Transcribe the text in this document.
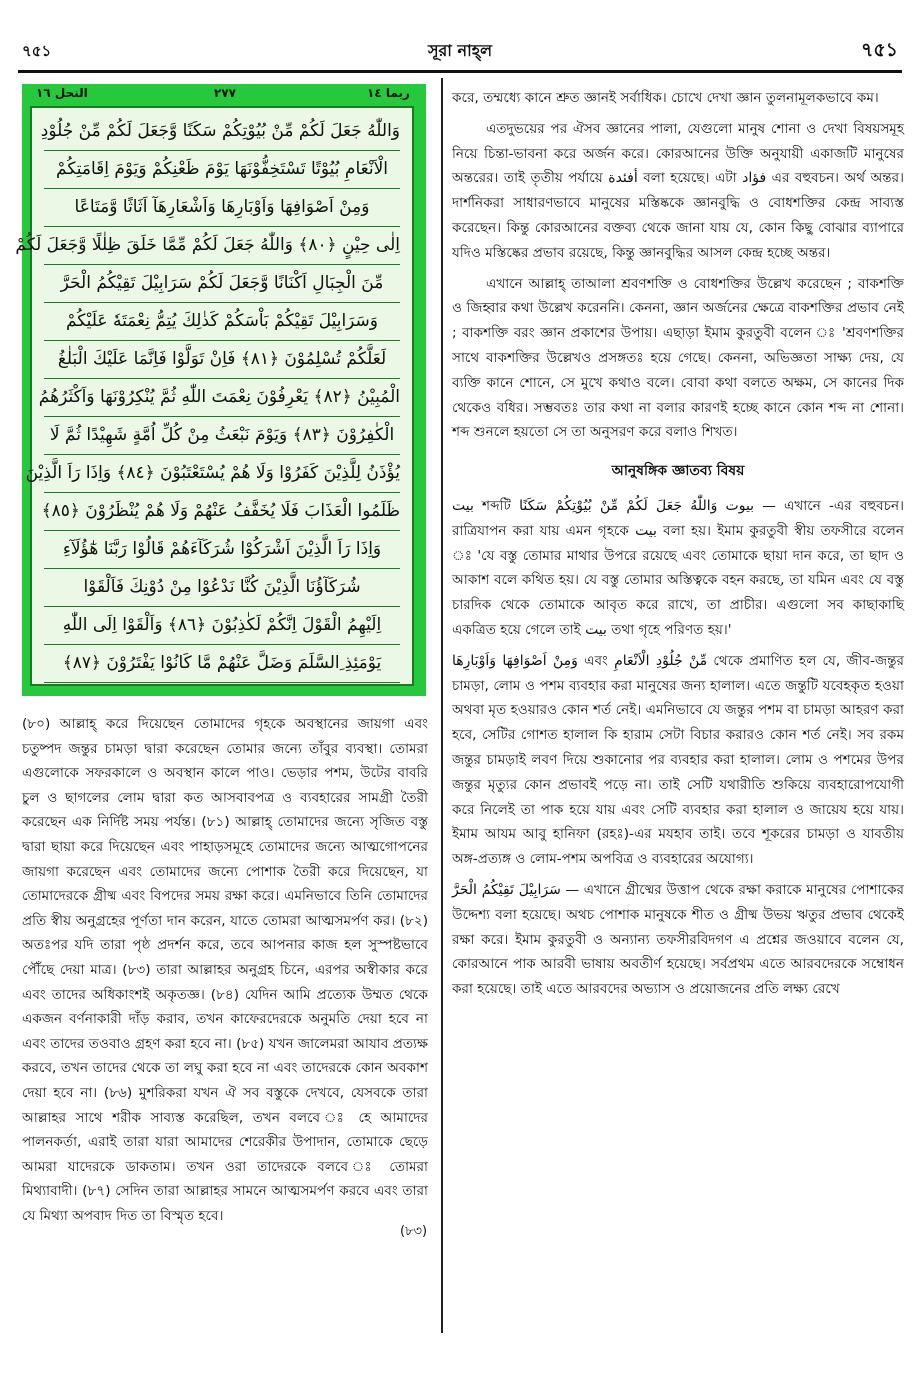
৭৫১	সূরা নাহ্‌ল	৭৫১
النحل ١٦	٢٧٧	ربما ١٤
وَاللّٰهُ جَعَلَ لَكُمْ مِّنْ بُيُوْتِكُمْ سَكَنًا وَّجَعَلَ لَكُمْ مِّنْ جُلُوْدِ
الْاَنْعَامِ بُيُوْتًا تَسْتَخِفُّوْنَهَا يَوْمَ ظَعْنِكُمْ وَيَوْمَ اِقَامَتِكُمْ
وَمِنْ اَصْوَافِهَا وَاَوْبَارِهَا وَاَشْعَارِهَآ اَثَاثًا وَّمَتَاعًا
اِلٰى حِيْنٍ ﴿٨٠﴾ وَاللّٰهُ جَعَلَ لَكُمْ مِّمَّا خَلَقَ ظِلٰلًا وَّجَعَلَ لَكُمْ
مِّنَ الْجِبَالِ اَكْنَانًا وَّجَعَلَ لَكُمْ سَرَابِيْلَ تَقِيْكُمُ الْحَرَّ
وَسَرَابِيْلَ تَقِيْكُمْ بَاْسَكُمْ كَذٰلِكَ يُتِمُّ نِعْمَتَهٗ عَلَيْكُمْ
لَعَلَّكُمْ تُسْلِمُوْنَ ﴿٨١﴾ فَاِنْ تَوَلَّوْا فَاِنَّمَا عَلَيْكَ الْبَلٰغُ
الْمُبِيْنُ ﴿٨٢﴾ يَعْرِفُوْنَ نِعْمَتَ اللّٰهِ ثُمَّ يُنْكِرُوْنَهَا وَاَكْثَرُهُمُ
الْكٰفِرُوْنَ ﴿٨٣﴾ وَيَوْمَ نَبْعَثُ مِنْ كُلِّ اُمَّةٍ شَهِيْدًا ثُمَّ لَا
يُؤْذَنُ لِلَّذِيْنَ كَفَرُوْا وَلَا هُمْ يُسْتَعْتَبُوْنَ ﴿٨٤﴾ وَاِذَا رَاَ الَّذِيْنَ
ظَلَمُوا الْعَذَابَ فَلَا يُخَفَّفُ عَنْهُمْ وَلَا هُمْ يُنْظَرُوْنَ ﴿٨٥﴾
وَاِذَا رَاَ الَّذِيْنَ اَشْرَكُوْا شُرَكَآءَهُمْ قَالُوْا رَبَّنَا هٰٓؤُلَآءِ
شُرَكَآؤُنَا الَّذِيْنَ كُنَّا نَدْعُوْا مِنْ دُوْنِكَ فَاَلْقَوْا
اِلَيْهِمُ الْقَوْلَ اِنَّكُمْ لَكٰذِبُوْنَ ﴿٨٦﴾ وَاَلْقَوْا اِلَى اللّٰهِ
يَوْمَئِذِ ِالسَّلَمَ وَضَلَّ عَنْهُمْ مَّا كَانُوْا يَفْتَرُوْنَ ﴿٨٧﴾
(৮০) আল্লাহ্‌ করে দিয়েছেন তোমাদের গৃহকে অবস্থানের জায়গা এবং চতুষ্পদ জন্তুর চামড়া দ্বারা করেছেন তোমার জন্যে তাঁবুর ব্যবস্থা। তোমরা এগুলোকে সফরকালে ও অবস্থান কালে পাও। ভেড়ার পশম, উটের বাবরি চুল ও ছাগলের লোম দ্বারা কত আসবাবপত্র ও ব্যবহারের সামগ্রী তৈরী করেছেন এক নির্দিষ্ট সময় পর্যন্ত। (৮১) আল্লাহ্‌ তোমাদের জন্যে সৃজিত বস্তু দ্বারা ছায়া করে দিয়েছেন এবং পাহাড়সমূহে তোমাদের জন্যে আত্মগোপনের জায়গা করেছেন এবং তোমাদের জন্যে পোশাক তৈরী করে দিয়েছেন, যা তোমাদেরকে গ্রীষ্ম এবং বিপদের সময় রক্ষা করে। এমনিভাবে তিনি তোমাদের প্রতি স্বীয় অনুগ্রহের পূর্ণতা দান করেন, যাতে তোমরা আত্মসমর্পণ কর। (৮২) অতঃপর যদি তারা পৃষ্ঠ প্রদর্শন করে, তবে আপনার কাজ হল সুস্পষ্টভাবে পৌঁছে দেয়া মাত্র। (৮৩) তারা আল্লাহর অনুগ্রহ চিনে, এরপর অস্বীকার করে এবং তাদের অধিকাংশই অকৃতজ্ঞ। (৮৪) যেদিন আমি প্রত্যেক উম্মত থেকে একজন বর্ণনাকারী দাঁড় করাব, তখন কাফেরদেরকে অনুমতি দেয়া হবে না এবং তাদের তওবাও গ্রহণ করা হবে না। (৮৫) যখন জালেমরা আযাব প্রত্যক্ষ করবে, তখন তাদের থেকে তা লঘু করা হবে না এবং তাদেরকে কোন অবকাশ দেয়া হবে না। (৮৬) মুশরিকরা যখন ঐ সব বস্তুকে দেখবে, যেসবকে তারা আল্লাহর সাথে শরীক সাব্যস্ত করেছিল, তখন বলবে ঃ হে আমাদের পালনকর্তা, এরাই তারা যারা আমাদের শেরেকীর উপাদান, তোমাকে ছেড়ে আমরা যাদেরকে ডাকতাম। তখন ওরা তাদেরকে বলবে ঃ তোমরা মিথ্যাবাদী। (৮৭) সেদিন তারা আল্লাহর সামনে আত্মসমর্পণ করবে এবং তারা যে মিথ্যা অপবাদ দিত তা বিস্মৃত হবে।
(৮৩)

করে, তম্মধ্যে কানে শ্রুত জ্ঞানই সর্বাধিক। চোখে দেখা জ্ঞান তুলনামূলকভাবে কম।

এতদুভয়ের পর ঐসব জ্ঞানের পালা, যেগুলো মানুষ শোনা ও দেখা বিষয়সমূহ নিয়ে চিন্তা-ভাবনা করে অর্জন করে। কোরআনের উক্তি অনুযায়ী একাজটি মানুষের অন্তরের। তাই তৃতীয় পর্যায়ে أفئدة বলা হয়েছে। এটা فؤاد এর বহুবচন। অর্থ অন্তর। দার্শনিকরা সাধারণভাবে মানুষের মস্তিষ্ককে জ্ঞানবুদ্ধি ও বোধশক্তির কেন্দ্র সাব্যস্ত করেছেন। কিন্তু কোরআনের বক্তব্য থেকে জানা যায় যে, কোন কিছু বোঝার ব্যাপারে যদিও মস্তিষ্কের প্রভাব রয়েছে, কিন্তু জ্ঞানবুদ্ধির আসল কেন্দ্র হচ্ছে অন্তর।

এখানে আল্লাহ্‌ তাআলা শ্রবণশক্তি ও বোধশক্তির উল্লেখ করেছেন ; বাকশক্তি ও জিহ্বার কথা উল্লেখ করেননি। কেননা, জ্ঞান অর্জনের ক্ষেত্রে বাকশক্তির প্রভাব নেই ; বাকশক্তি বরং জ্ঞান প্রকাশের উপায়। এছাড়া ইমাম কুরতুবী বলেন ঃ 'শ্রবণশক্তির সাথে বাকশক্তির উল্লেখও প্রসঙ্গতঃ হয়ে গেছে। কেননা, অভিজ্ঞতা সাক্ষ্য দেয়, যে ব্যক্তি কানে শোনে, সে মুখে কথাও বলে। বোবা কথা বলতে অক্ষম, সে কানের দিক থেকেও বধির। সম্ভবতঃ তার কথা না বলার কারণই হচ্ছে কানে কোন শব্দ না শোনা। শব্দ শুনলে হয়তো সে তা অনুসরণ করে বলাও শিখত।

আনুষঙ্গিক জ্ঞাতব্য বিষয়

بيت শব্দটি	بيوت وَاللّٰهُ جَعَلَ لَكُمْ مِّنْ بُيُوْتِكُمْ سَكَنًا	— এখানে -এর বহুবচন। রাত্রিযাপন করা যায় এমন গৃহকে بيت বলা হয়। ইমাম কুরতুবী স্বীয় তফসীরে বলেন ঃ 'যে বস্তু তোমার মাথার উপরে রয়েছে এবং তোমাকে ছায়া দান করে, তা ছাদ ও আকাশ বলে কথিত হয়। যে বস্তু তোমার অস্তিত্বকে বহন করছে, তা যমিন এবং যে বস্তু চারদিক থেকে তোমাকে আবৃত করে রাখে, তা প্রাচীর। এগুলো সব কাছাকাছি একত্রিত হয়ে গেলে তাই بيت তথা গৃহে পরিণত হয়।'

وَمِنْ اَصْوَافِهَا وَاَوْبَارِهَا এবং مِّنْ جُلُوْدِ الْاَنْعَامِ থেকে প্রমাণিত হল যে, জীব-জন্তুর চামড়া, লোম ও পশম ব্যবহার করা মানুষের জন্য হালাল। এতে জন্তুটি যবেহকৃত হওয়া অথবা মৃত হওয়ারও কোন শর্ত নেই। এমনিভাবে যে জন্তুর পশম বা চামড়া আহরণ করা হবে, সেটির গোশত হালাল কি হারাম সেটা বিচার করারও কোন শর্ত নেই। সব রকম জন্তুর চামড়াই লবণ দিয়ে শুকানোর পর ব্যবহার করা হালাল। লোম ও পশমের উপর জন্তুর মৃত্যুর কোন প্রভাবই পড়ে না। তাই সেটি যথারীতি শুকিয়ে ব্যবহারোপযোগী করে নিলেই তা পাক হয়ে যায় এবং সেটি ব্যবহার করা হালাল ও জায়েয হয়ে যায়। ইমাম আযম আবু হানিফা (রহঃ)-এর মযহাব তাই। তবে শূকরের চামড়া ও যাবতীয় অঙ্গ-প্রত্যঙ্গ ও লোম-পশম অপবিত্র ও ব্যবহারের অযোগ্য।

سَرَابِيْلَ تَقِيْكُمُ الْحَرَّ — এখানে গ্রীষ্মের উত্তাপ থেকে রক্ষা করাকে মানুষের পোশাকের উদ্দেশ্য বলা হয়েছে। অথচ পোশাক মানুষকে শীত ও গ্রীষ্ম উভয় ঋতুর প্রভাব থেকেই রক্ষা করে। ইমাম কুরতুবী ও অন্যান্য তফসীরবিদগণ এ প্রশ্নের জওয়াবে বলেন যে, কোরআনে পাক আরবী ভাষায় অবতীর্ণ হয়েছে। সর্বপ্রথম এতে আরবদেরকে সম্বোধন করা হয়েছে। তাই এতে আরবদের অভ্যাস ও প্রয়োজনের প্রতি লক্ষ্য রেখে
